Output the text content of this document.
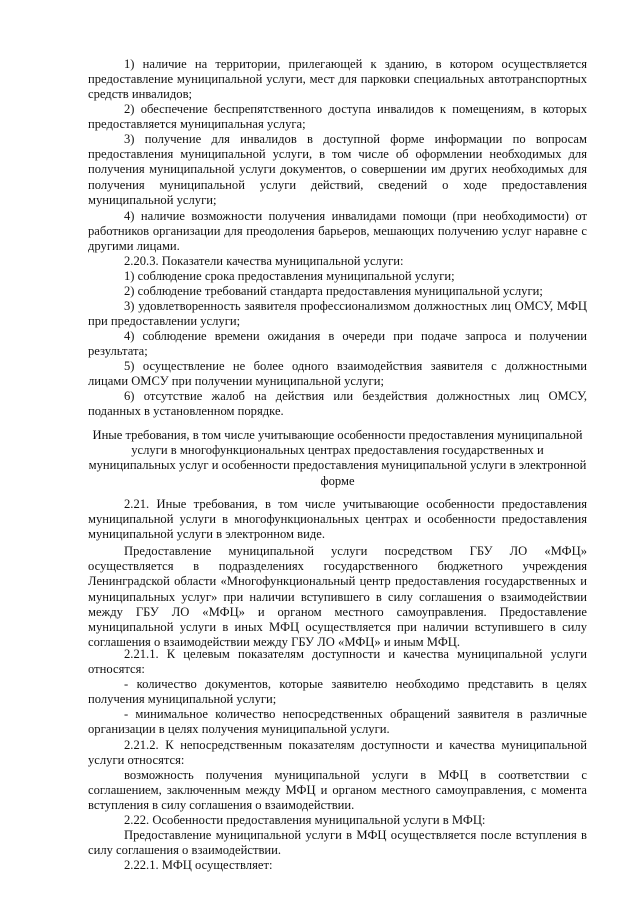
1) наличие на территории, прилегающей к зданию, в котором осуществляется предоставление муниципальной услуги, мест для парковки специальных автотранспортных средств инвалидов;

2) обеспечение беспрепятственного доступа инвалидов к помещениям, в которых предоставляется муниципальная услуга;

3) получение для инвалидов в доступной форме информации по вопросам предоставления муниципальной услуги, в том числе об оформлении необходимых для получения муниципальной услуги документов, о совершении им других необходимых для получения муниципальной услуги действий, сведений о ходе предоставления муниципальной услуги;

4) наличие возможности получения инвалидами помощи (при необходимости) от работников организации для преодоления барьеров, мешающих получению услуг наравне с другими лицами.

2.20.3. Показатели качества муниципальной услуги:

1) соблюдение срока предоставления муниципальной услуги;

2) соблюдение требований стандарта предоставления муниципальной услуги;

3) удовлетворенность заявителя профессионализмом должностных лиц ОМСУ, МФЦ при предоставлении услуги;

4) соблюдение времени ожидания в очереди при подаче запроса и получении результата;

5) осуществление не более одного взаимодействия заявителя с должностными лицами ОМСУ при получении муниципальной услуги;

6) отсутствие жалоб на действия или бездействия должностных лиц ОМСУ, поданных в установленном порядке.

Иные требования, в том числе учитывающие особенности предоставления муниципальной услуги в многофункциональных центрах предоставления государственных и муниципальных услуг и особенности предоставления муниципальной услуги в электронной форме

2.21. Иные требования, в том числе учитывающие особенности предоставления муниципальной услуги в многофункциональных центрах и особенности предоставления муниципальной услуги в электронном виде.

Предоставление муниципальной услуги посредством ГБУ ЛО «МФЦ» осуществляется в подразделениях государственного бюджетного учреждения Ленинградской области «Многофункциональный центр предоставления государственных и муниципальных услуг» при наличии вступившего в силу соглашения о взаимодействии между ГБУ ЛО «МФЦ» и органом местного самоуправления. Предоставление муниципальной услуги в иных МФЦ осуществляется при наличии вступившего в силу соглашения о взаимодействии между ГБУ ЛО «МФЦ» и иным МФЦ.

2.21.1. К целевым показателям доступности и качества муниципальной услуги относятся:

- количество документов, которые заявителю необходимо представить в целях получения муниципальной услуги;

- минимальное количество непосредственных обращений заявителя в различные организации в целях получения муниципальной услуги.

2.21.2. К непосредственным показателям доступности и качества муниципальной услуги относятся:

возможность получения муниципальной услуги в МФЦ в соответствии с соглашением, заключенным между МФЦ и органом местного самоуправления, с момента вступления в силу соглашения о взаимодействии.

2.22. Особенности предоставления муниципальной услуги в МФЦ:

Предоставление муниципальной услуги в МФЦ осуществляется после вступления в силу соглашения о взаимодействии.

2.22.1. МФЦ осуществляет:
